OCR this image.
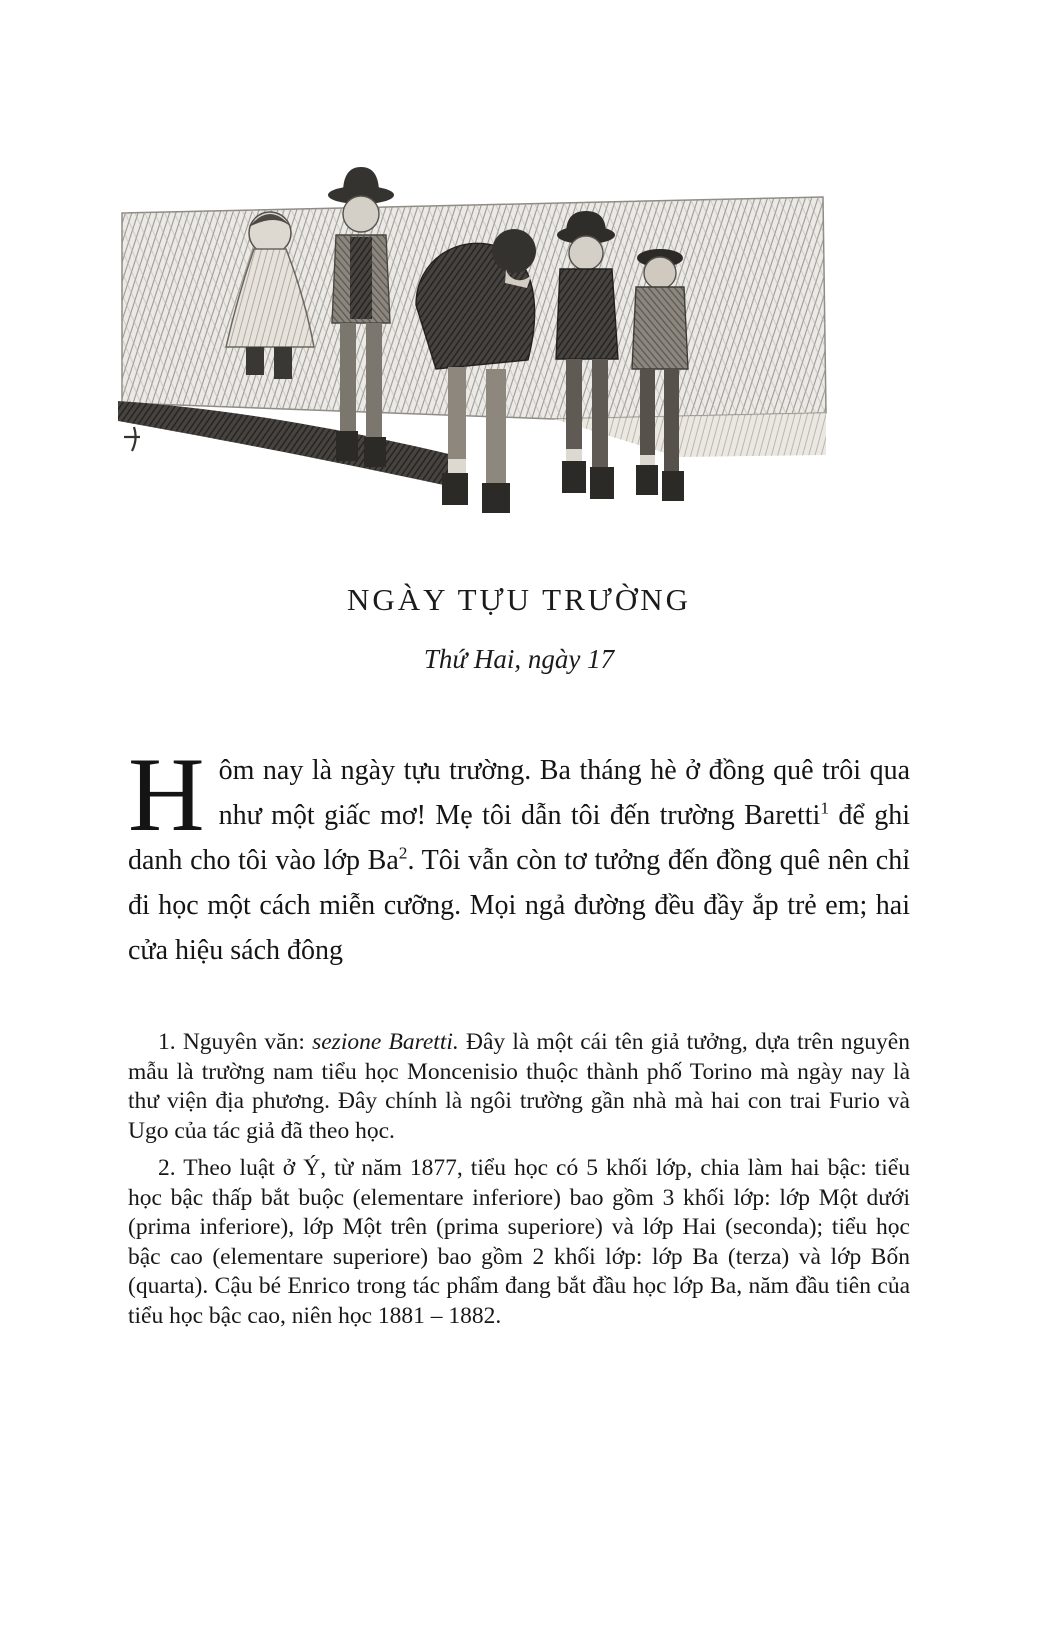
NGÀY TỰU TRƯỜNG
Thứ Hai, ngày 17
Hôm nay là ngày tựu trường. Ba tháng hè ở đồng quê trôi qua như một giấc mơ! Mẹ tôi dẫn tôi đến trường Baretti$^1$ để ghi danh cho tôi vào lớp Ba$^2$. Tôi vẫn còn tơ tưởng đến đồng quê nên chỉ đi học một cách miễn cưỡng. Mọi ngả đường đều đầy ắp trẻ em; hai cửa hiệu sách đông

1. Nguyên văn: sezione Baretti. Đây là một cái tên giả tưởng, dựa trên nguyên mẫu là trường nam tiểu học Moncenisio thuộc thành phố Torino mà ngày nay là thư viện địa phương. Đây chính là ngôi trường gần nhà mà hai con trai Furio và Ugo của tác giả đã theo học.

2. Theo luật ở Ý, từ năm 1877, tiểu học có 5 khối lớp, chia làm hai bậc: tiểu học bậc thấp bắt buộc (elementare inferiore) bao gồm 3 khối lớp: lớp Một dưới (prima inferiore), lớp Một trên (prima superiore) và lớp Hai (seconda); tiểu học bậc cao (elementare superiore) bao gồm 2 khối lớp: lớp Ba (terza) và lớp Bốn (quarta). Cậu bé Enrico trong tác phẩm đang bắt đầu học lớp Ba, năm đầu tiên của tiểu học bậc cao, niên học 1881 – 1882.
